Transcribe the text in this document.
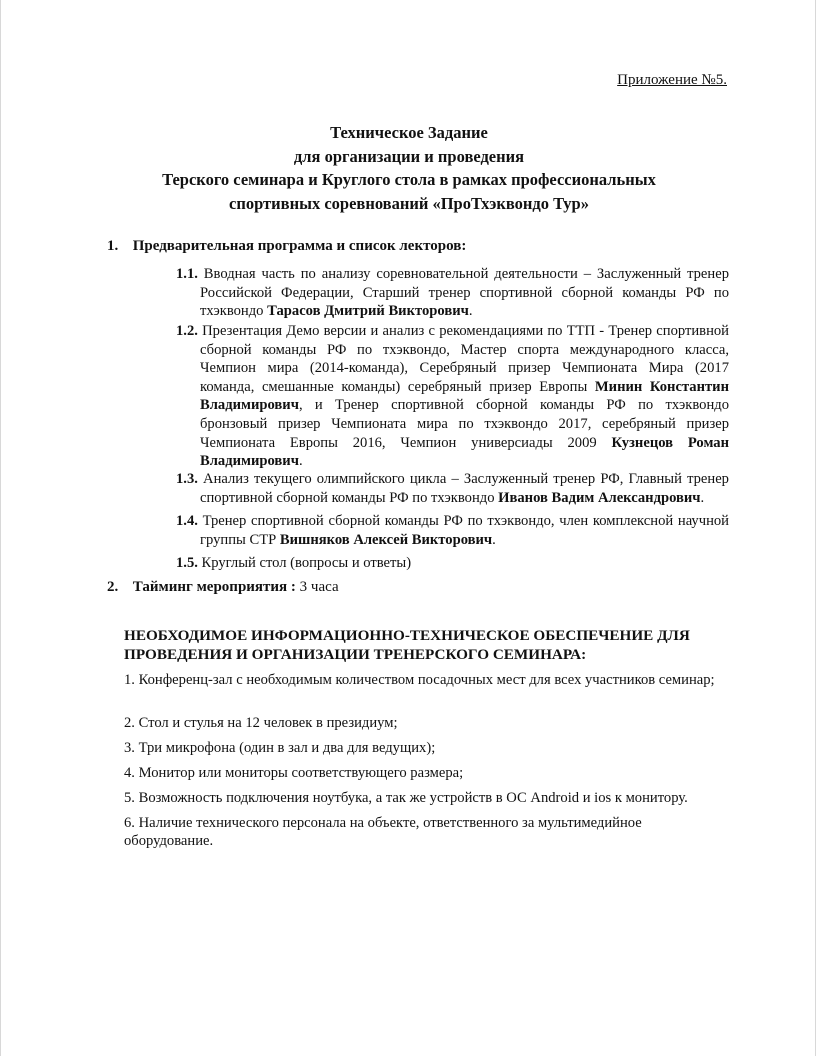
Приложение №5.
Техническое Задание
для организации и проведения
Терского семинара и Круглого стола в рамках профессиональных
спортивных соревнований «ПроТхэквондо Тур»
1. Предварительная программа и список лекторов:
1.1. Вводная часть по анализу соревновательной деятельности – Заслуженный тренер Российской Федерации, Старший тренер спортивной сборной команды РФ по тхэквондо Тарасов Дмитрий Викторович.
1.2. Презентация Демо версии и анализ с рекомендациями по ТТП - Тренер спортивной сборной команды РФ по тхэквондо, Мастер спорта международного класса, Чемпион мира (2014-команда), Серебряный призер Чемпионата Мира (2017 команда, смешанные команды) серебряный призер Европы Минин Константин Владимирович, и Тренер спортивной сборной команды РФ по тхэквондо бронзовый призер Чемпионата мира по тхэквондо 2017, серебряный призер Чемпионата Европы 2016, Чемпион универсиады 2009 Кузнецов Роман Владимирович.
1.3. Анализ текущего олимпийского цикла – Заслуженный тренер РФ, Главный тренер спортивной сборной команды РФ по тхэквондо Иванов Вадим Александрович.
1.4. Тренер спортивной сборной команды РФ по тхэквондо, член комплексной научной группы СТР Вишняков Алексей Викторович.
1.5. Круглый стол (вопросы и ответы)
2. Тайминг мероприятия : 3 часа
НЕОБХОДИМОЕ ИНФОРМАЦИОННО-ТЕХНИЧЕСКОЕ ОБЕСПЕЧЕНИЕ ДЛЯ
ПРОВЕДЕНИЯ И ОРГАНИЗАЦИИ ТРЕНЕРСКОГО СЕМИНАРА:
1. Конференц-зал с необходимым количеством посадочных мест для всех участников семинар;
2. Стол и стулья на 12 человек в президиум;
3. Три микрофона (один в зал и два для ведущих);
4. Монитор или мониторы соответствующего размера;
5. Возможность подключения ноутбука, а так же устройств в ОС Android и ios к монитору.
6. Наличие технического персонала на объекте, ответственного за мультимедийное оборудование.
